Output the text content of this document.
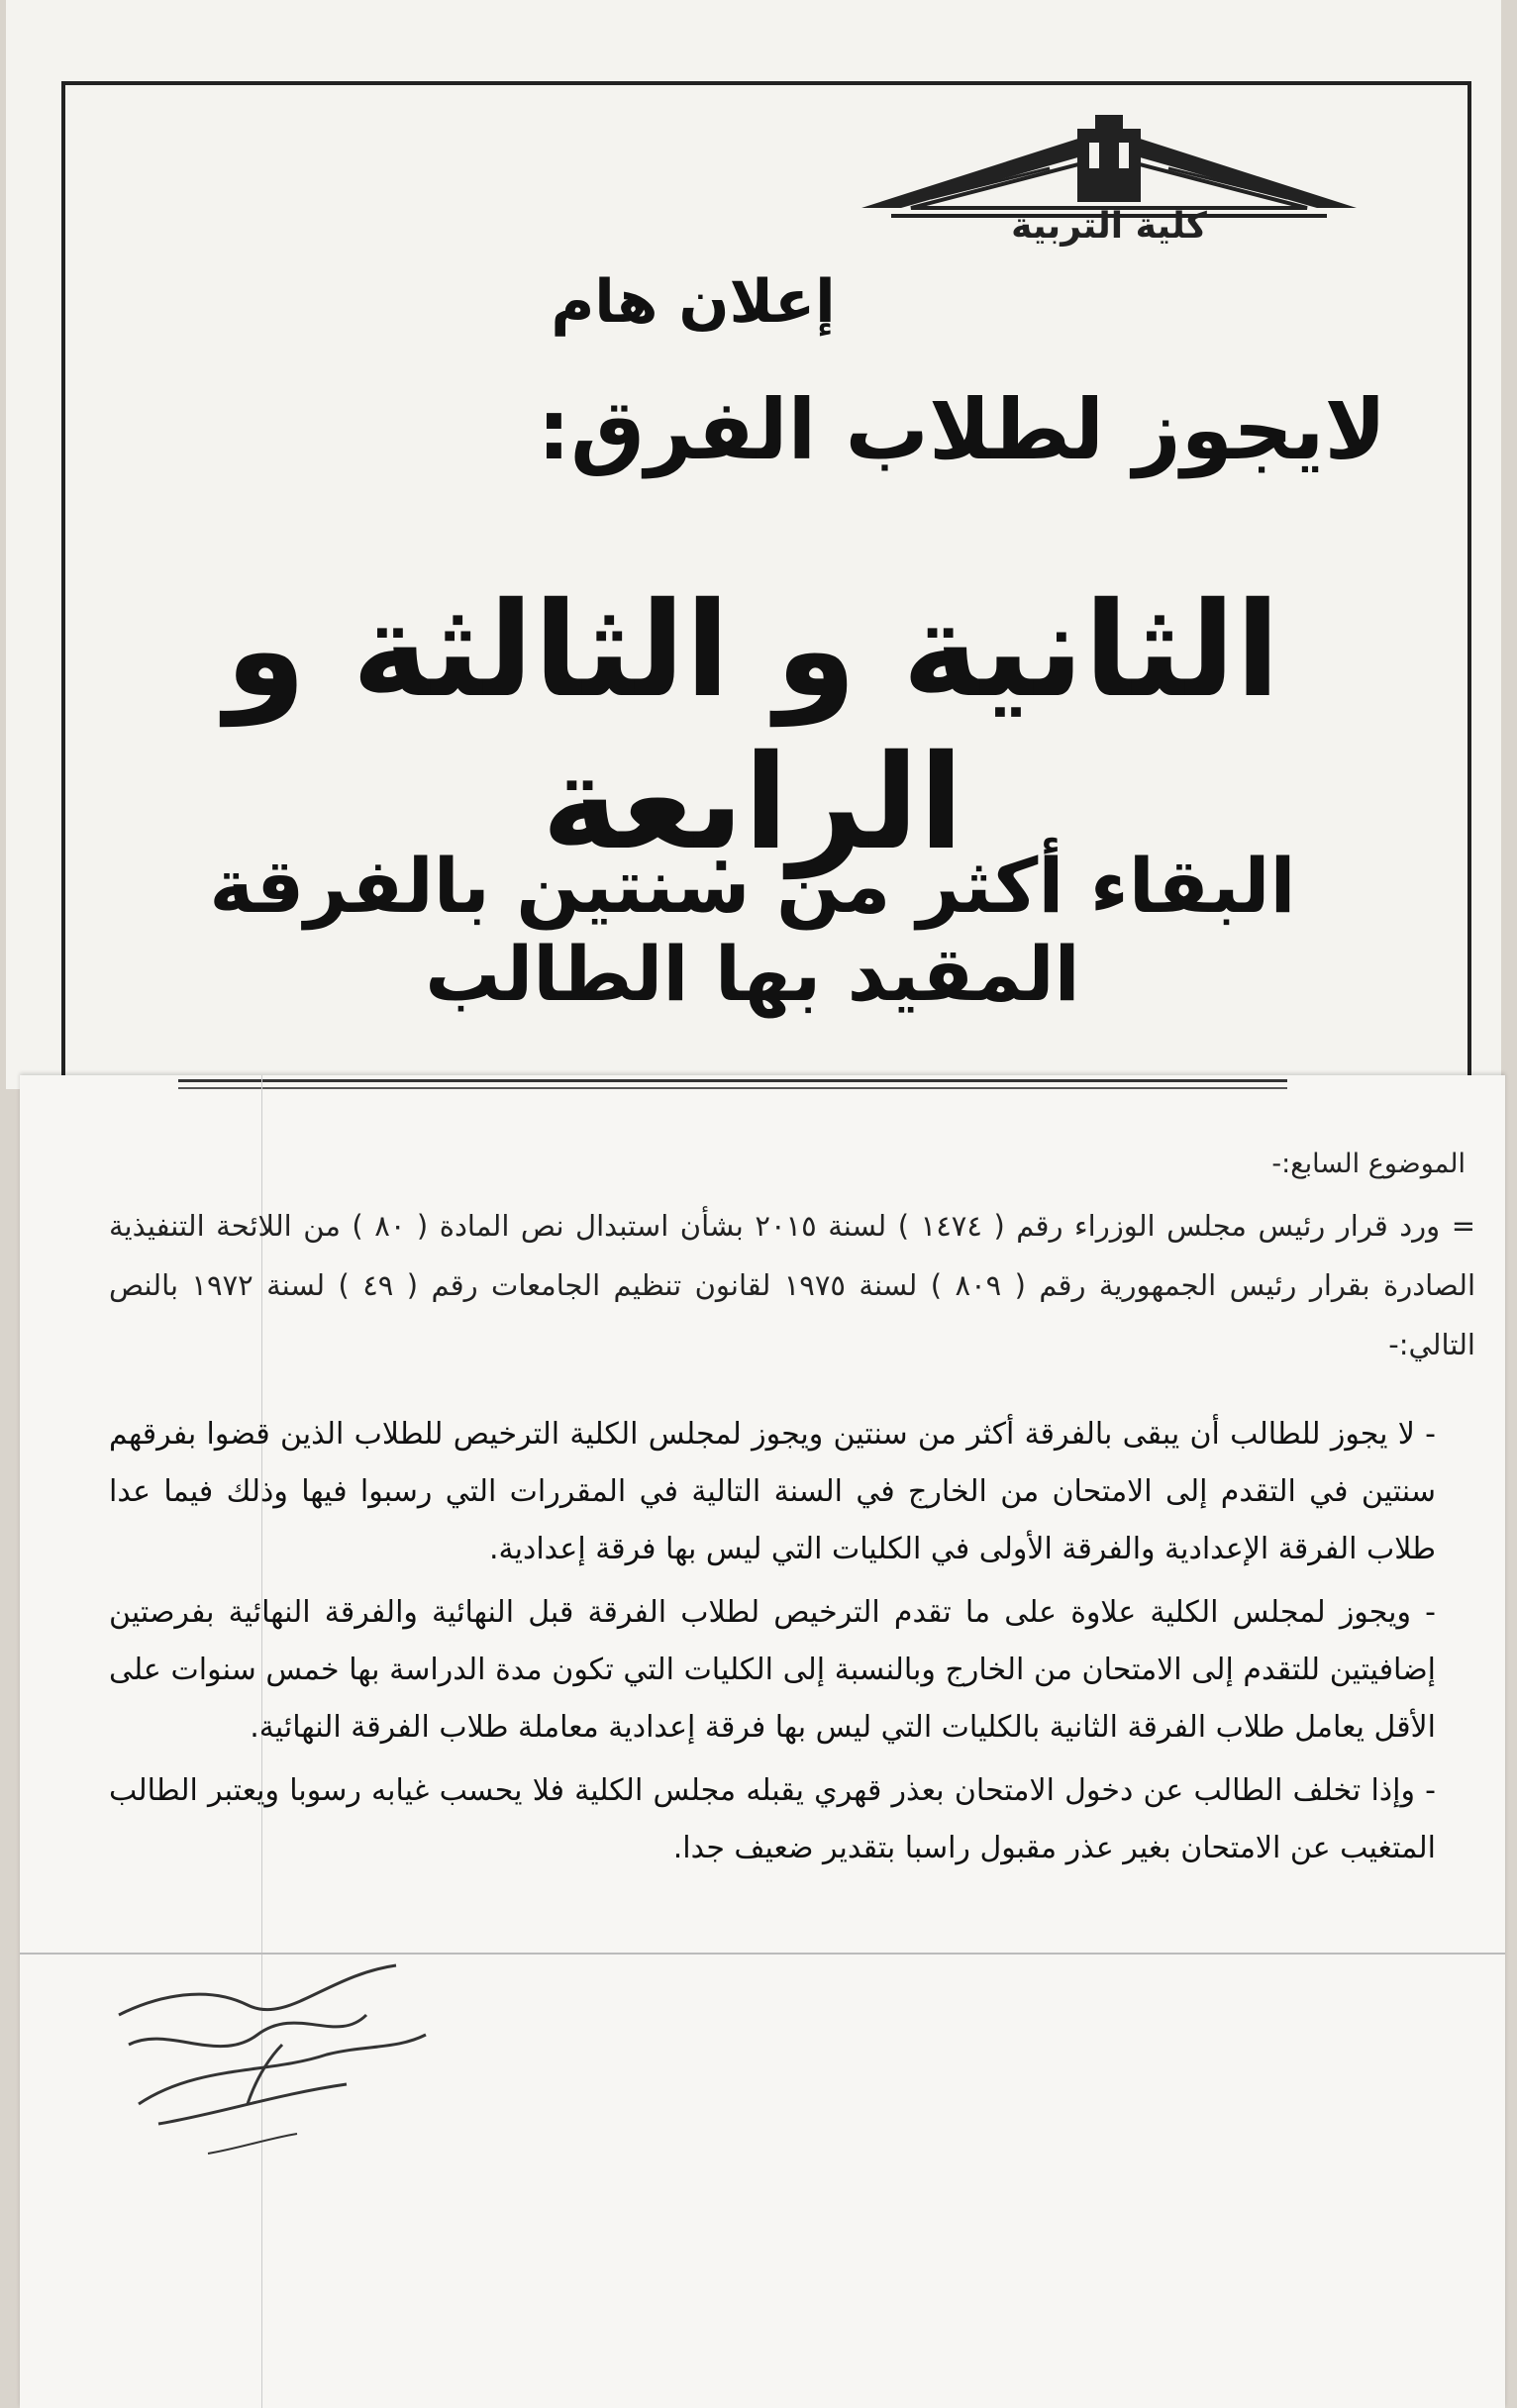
كلية التربية
إعلان هام
لايجوز لطلاب الفرق:
الثانية و الثالثة و الرابعة
البقاء أكثر من سنتين بالفرقة المقيد بها الطالب
الموضوع السابع:-
= ورد قرار رئيس مجلس الوزراء رقم ( ١٤٧٤ ) لسنة ٢٠١٥ بشأن استبدال نص المادة ( ٨٠ ) من اللائحة التنفيذية الصادرة بقرار رئيس الجمهورية رقم ( ٨٠٩ ) لسنة ١٩٧٥ لقانون تنظيم الجامعات رقم ( ٤٩ ) لسنة ١٩٧٢ بالنص التالي:-

- لا يجوز للطالب أن يبقى بالفرقة أكثر من سنتين ويجوز لمجلس الكلية الترخيص للطلاب الذين قضوا بفرقهم سنتين في التقدم إلى الامتحان من الخارج في السنة التالية في المقررات التي رسبوا فيها وذلك فيما عدا طلاب الفرقة الإعدادية والفرقة الأولى في الكليات التي ليس بها فرقة إعدادية.

- ويجوز لمجلس الكلية علاوة على ما تقدم الترخيص لطلاب الفرقة قبل النهائية والفرقة النهائية بفرصتين إضافيتين للتقدم إلى الامتحان من الخارج وبالنسبة إلى الكليات التي تكون مدة الدراسة بها خمس سنوات على الأقل يعامل طلاب الفرقة الثانية بالكليات التي ليس بها فرقة إعدادية معاملة طلاب الفرقة النهائية.

- وإذا تخلف الطالب عن دخول الامتحان بعذر قهري يقبله مجلس الكلية فلا يحسب غيابه رسوبا ويعتبر الطالب المتغيب عن الامتحان بغير عذر مقبول راسبا بتقدير ضعيف جدا.
